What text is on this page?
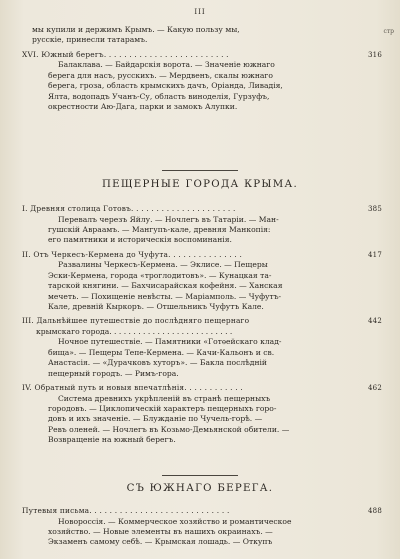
III
стр
мы купили и держимъ Крымъ. — Какую пользу мы,
русскіе, принесли татарамъ.
XVI. Южный берегъ. . . . . . . . . . . . . . . . . . . . . . . . .	316
Балаклава. — Байдарскія ворота. — Значеніе южнаго
берега для насъ, русскихъ. — Мердвенъ, скалы южнаго
берега, гроза, область крымскихъ дачъ, Оріанда, Ливадія,
Ялта, водопадъ Учанъ-Су, область виноделія, Гурзуфъ,
окрестности Аю-Дага, парки и замокъ Алупки.
ПЕЩЕРНЫЕ ГОРОДА КРЫМА.
I. Древняя столица Готовъ. . . . . . . . . . . . . . . . . . . . .	385
Перевалъ черезъ Яйлу. — Ночлегъ въ Татаріи. — Ман-
гушскій Авраамъ. — Мангупъ-кале, древняя Манкопія:
его памятники и историческія воспоминанія.
II. Отъ Черкесъ-Кермена до Чуфута. . . . . . . . . . . . . . .	417
Развалины Черкесъ-Кермена. — Эклисе. — Пещеры
Эски-Кермена, города «троглодитовъ». — Кунацкая та-
тарской княгини. — Бахчисарайская кофейня. — Ханская
мечеть. — Похищеніе невѣсты. — Маріамполь. — Чуфутъ-
Кале, древній Кыркоръ. — Отшельникъ Чуфутъ Кале.
III. Дальнѣйшее путешествіе до послѣдняго пещернаго	442
крымскаго города. . . . . . . . . . . . . . . . . . . . . . . . . .
Ночное путешествіе. — Памятники «Готѳейскаго клад-
бища». — Пещеры Тепе-Кермена. — Качи-Кальонъ и св.
Анастасія. — «Дурачковъ хуторъ». — Бакла послѣдній
пещерный городъ. — Римъ-гора.
IV. Обратный путь и новыя впечатлѣнія. . . . . . . . . . . .	462
Система древнихъ укрѣпленій въ странѣ пещерныхъ
городовъ. — Циклопическій характеръ пещерныхъ горо-
довъ и ихъ значеніе. — Блужданіе по Чучель-горѣ. —
Ревъ оленей. — Ночлегъ въ Козьмо-Демьянской обители. —
Возвращеніе на южный берегъ.
СЪ ЮЖНАГО БЕРЕГА.
Путевыя письма. . . . . . . . . . . . . . . . . . . . . . . . . . . .	488
Новороссія. — Коммерческое хозяйство и романтическое
хозяйство. — Новые элементы въ нашихъ окраинахъ. —
Экзаменъ самому себѣ. — Крымская лошадь. — Откупъ
